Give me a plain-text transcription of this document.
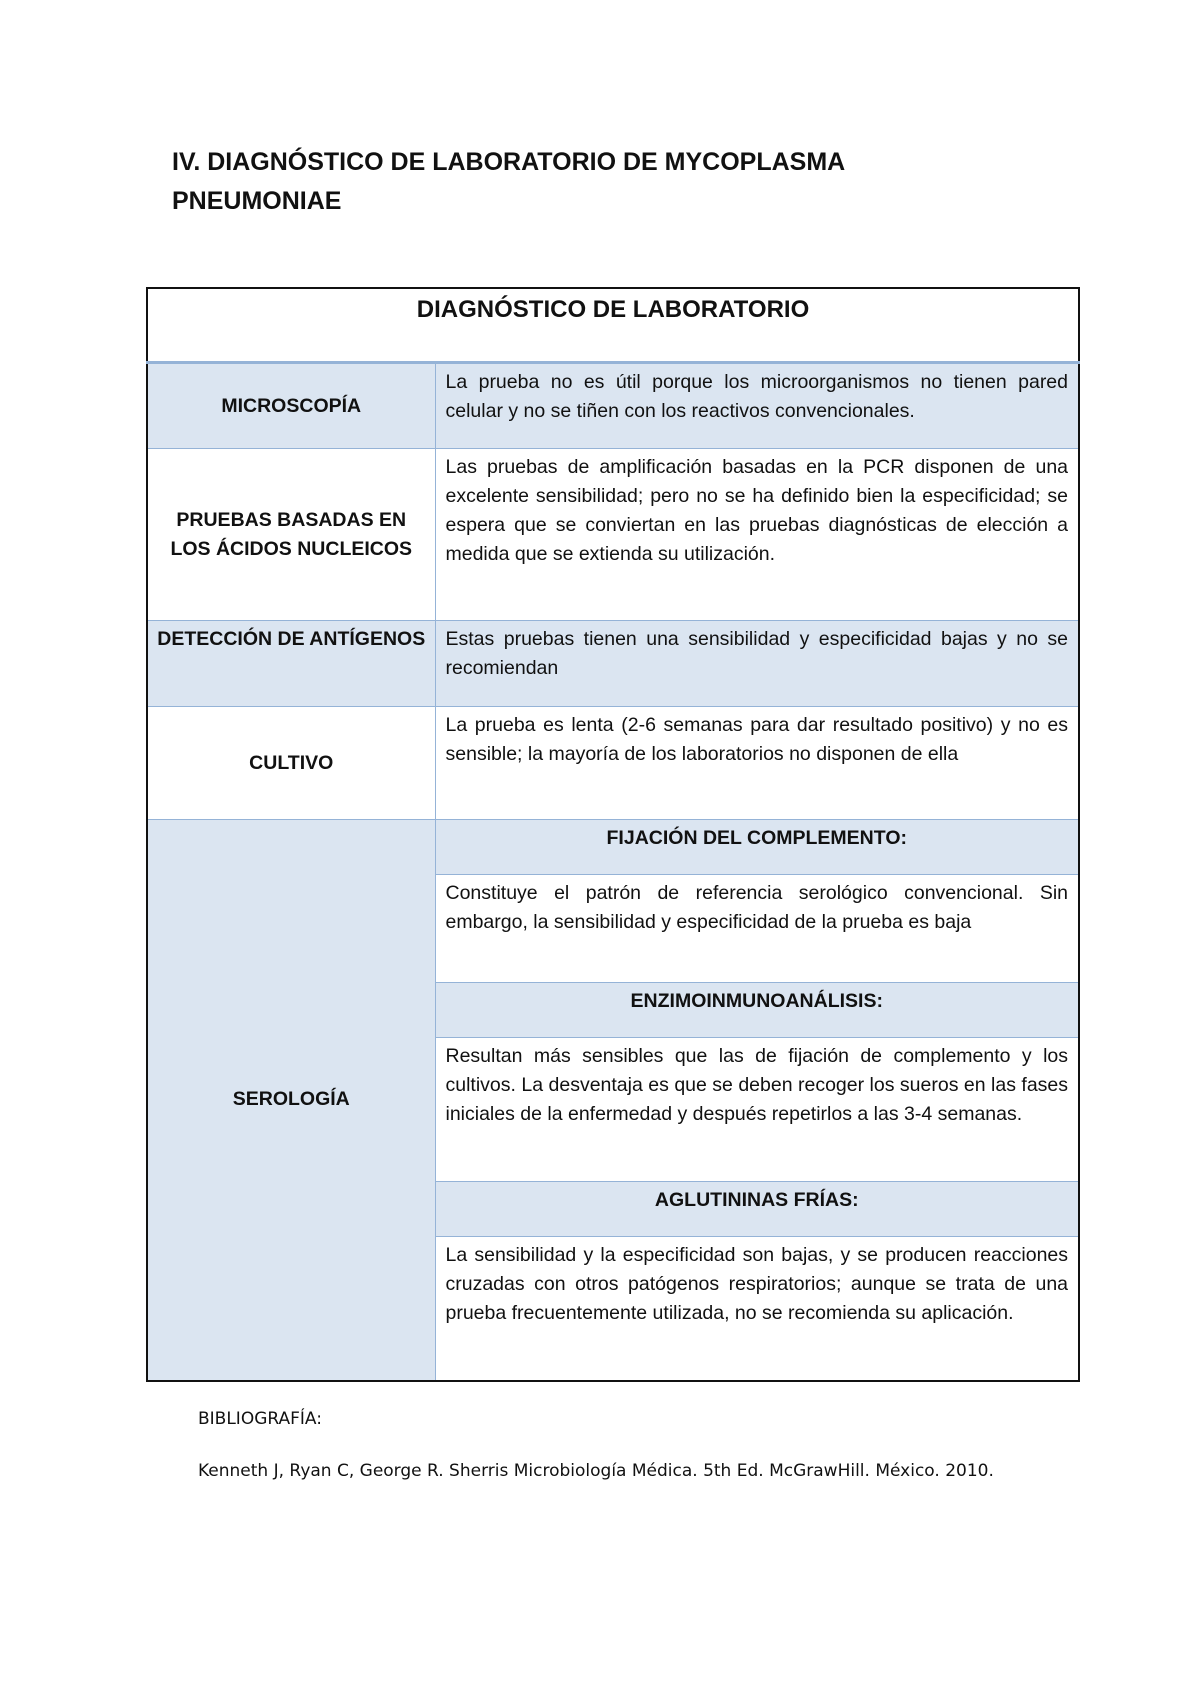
IV. DIAGNÓSTICO DE LABORATORIO DE MYCOPLASMA
PNEUMONIAE
DIAGNÓSTICO DE LABORATORIO	
MICROSCOPÍA	La prueba no es útil porque los microorganismos no tienen pared celular y no se tiñen con los reactivos convencionales.
PRUEBAS BASADAS EN LOS ÁCIDOS NUCLEICOS	Las pruebas de amplificación basadas en la PCR disponen de una excelente sensibilidad; pero no se ha definido bien la especificidad; se espera que se conviertan en las pruebas diagnósticas de elección a medida que se extienda su utilización.
DETECCIÓN DE ANTÍGENOS	Estas pruebas tienen una sensibilidad y especificidad bajas y no se recomiendan
CULTIVO	La prueba es lenta (2-6 semanas para dar resultado positivo) y no es sensible; la mayoría de los laboratorios no disponen de ella
SEROLOGÍA	FIJACIÓN DEL COMPLEMENTO:
	Constituye el patrón de referencia serológico convencional. Sin embargo, la sensibilidad y especificidad de la prueba es baja
	ENZIMOINMUNOANÁLISIS:
	Resultan más sensibles que las de fijación de complemento y los cultivos. La desventaja es que se deben recoger los sueros en las fases iniciales de la enfermedad y después repetirlos a las 3-4 semanas.
	AGLUTININAS FRÍAS:
	La sensibilidad y la especificidad son bajas, y se producen reacciones cruzadas con otros patógenos respiratorios; aunque se trata de una prueba frecuentemente utilizada, no se recomienda su aplicación.

BIBLIOGRAFÍA:

Kenneth J, Ryan C, George R. Sherris Microbiología Médica. 5th Ed. McGrawHill. México. 2010.
